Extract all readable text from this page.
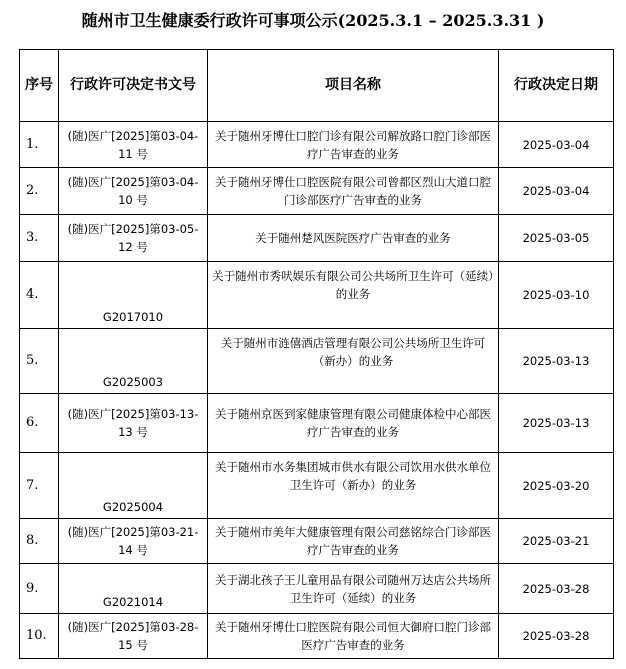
随州市卫生健康委行政许可事项公示(2025.3.1 – 2025.3.31 )
序号	行政许可决定书文号	项目名称	行政决定日期
1.	(随)医广[2025]第03-04-11 号	关于随州牙博仕口腔门诊有限公司解放路口腔门诊部医疗广告审查的业务	2025-03-04
2.	(随)医广[2025]第03-04-10 号	关于随州牙博仕口腔医院有限公司曾都区烈山大道口腔门诊部医疗广告审查的业务	2025-03-04
3.	(随)医广[2025]第03-05-12 号	关于随州楚风医院医疗广告审查的业务	2025-03-05
4.	G2017010	关于随州市秀吠娱乐有限公司公共场所卫生许可（延续）的业务	2025-03-10
5.	G2025003	关于随州市涟僖酒店管理有限公司公共场所卫生许可（新办）的业务	2025-03-13
6.	(随)医广[2025]第03-13-13 号	关于随州京医到家健康管理有限公司健康体检中心部医疗广告审查的业务	2025-03-13
7.	G2025004	关于随州市水务集团城市供水有限公司饮用水供水单位卫生许可（新办）的业务	2025-03-20
8.	(随)医广[2025]第03-21-14 号	关于随州市美年大健康管理有限公司慈铭综合门诊部医疗广告审查的业务	2025-03-21
9.	G2021014	关于湖北孩子王儿童用品有限公司随州万达店公共场所卫生许可（延续）的业务	2025-03-28
10.	(随)医广[2025]第03-28-15 号	关于随州牙博仕口腔医院有限公司恒大御府口腔门诊部医疗广告审查的业务	2025-03-28
